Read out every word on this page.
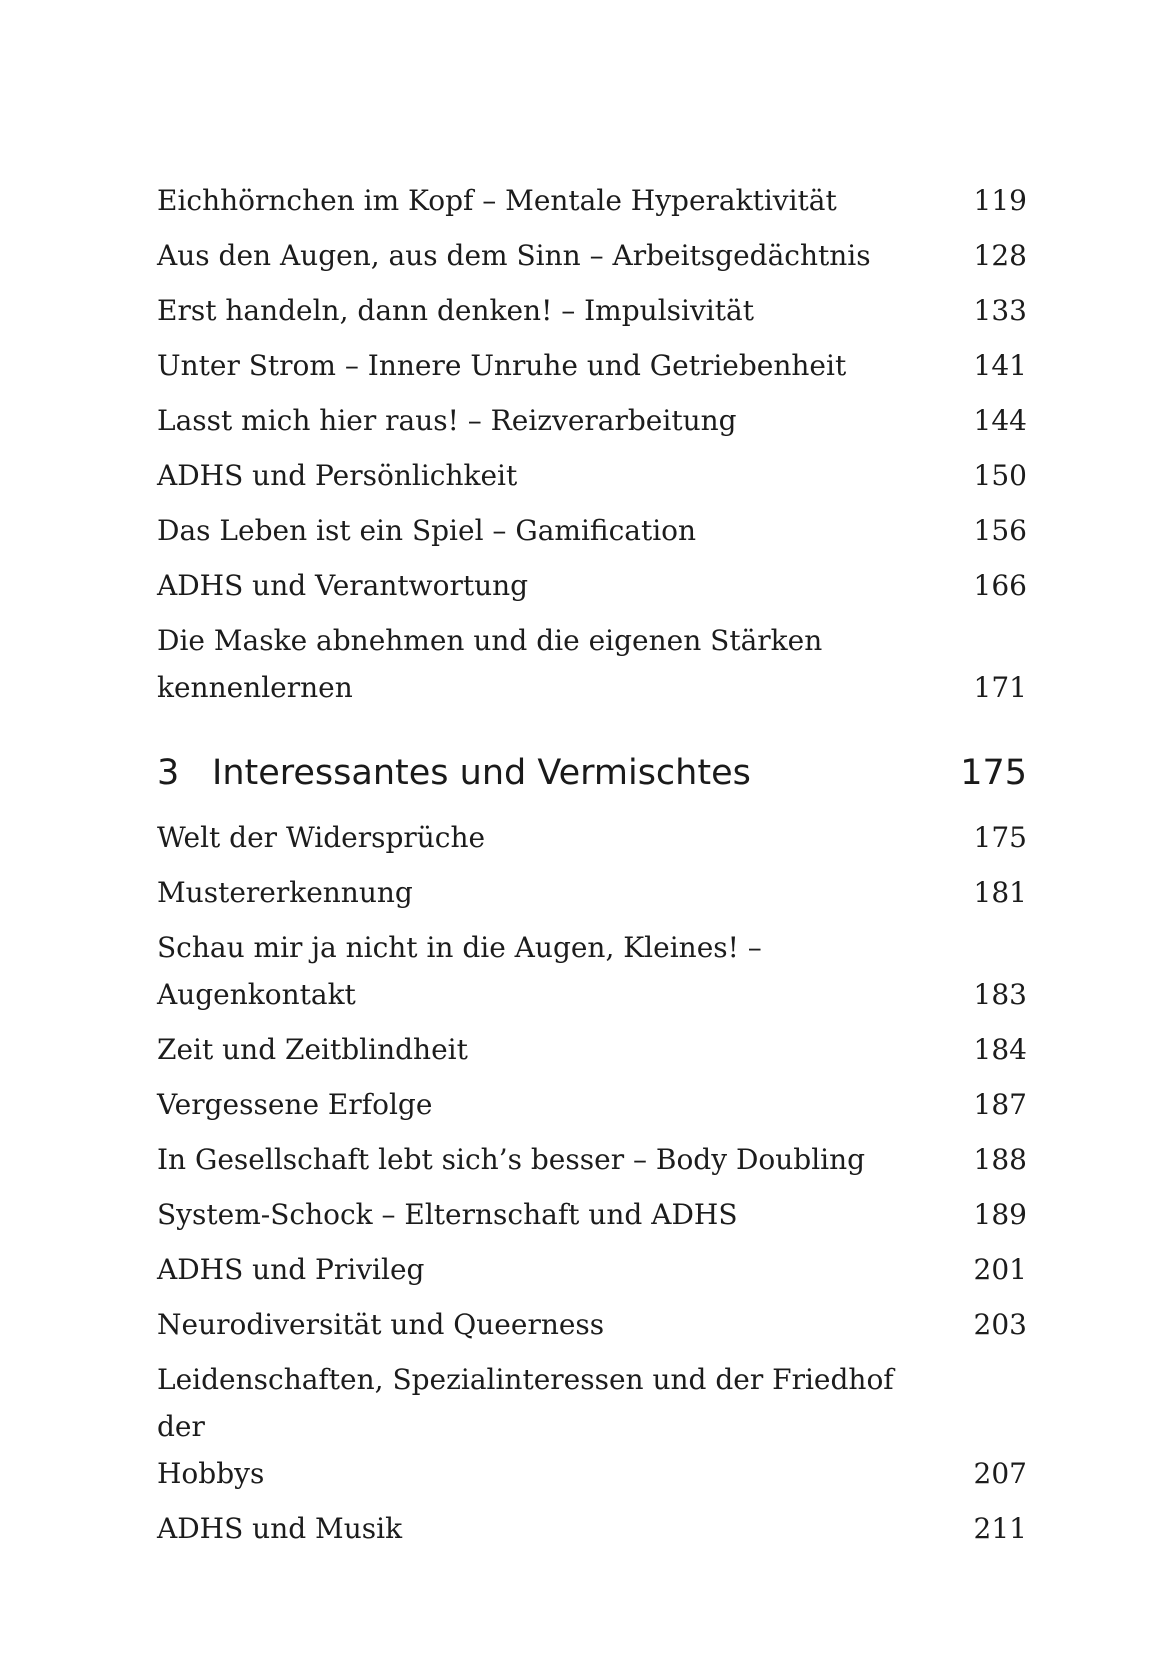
Eichhörnchen im Kopf – Mentale Hyperaktivität	119
Aus den Augen, aus dem Sinn – Arbeitsgedächtnis	128
Erst handeln, dann denken! – Impulsivität	133
Unter Strom – Innere Unruhe und Getriebenheit	141
Lasst mich hier raus! – Reizverarbeitung	144
ADHS und Persönlichkeit	150
Das Leben ist ein Spiel – Gamification	156
ADHS und Verantwortung	166
Die Maske abnehmen und die eigenen Stärken
kennenlernen	171
3 Interessantes und Vermischtes	175
Welt der Widersprüche	175
Mustererkennung	181
Schau mir ja nicht in die Augen, Kleines! – Augenkontakt	183
Zeit und Zeitblindheit	184
Vergessene Erfolge	187
In Gesellschaft lebt sich’s besser – Body Doubling	188
System-Schock – Elternschaft und ADHS	189
ADHS und Privileg	201
Neurodiversität und Queerness	203
Leidenschaften, Spezialinteressen und der Friedhof der
Hobbys	207
ADHS und Musik	211
